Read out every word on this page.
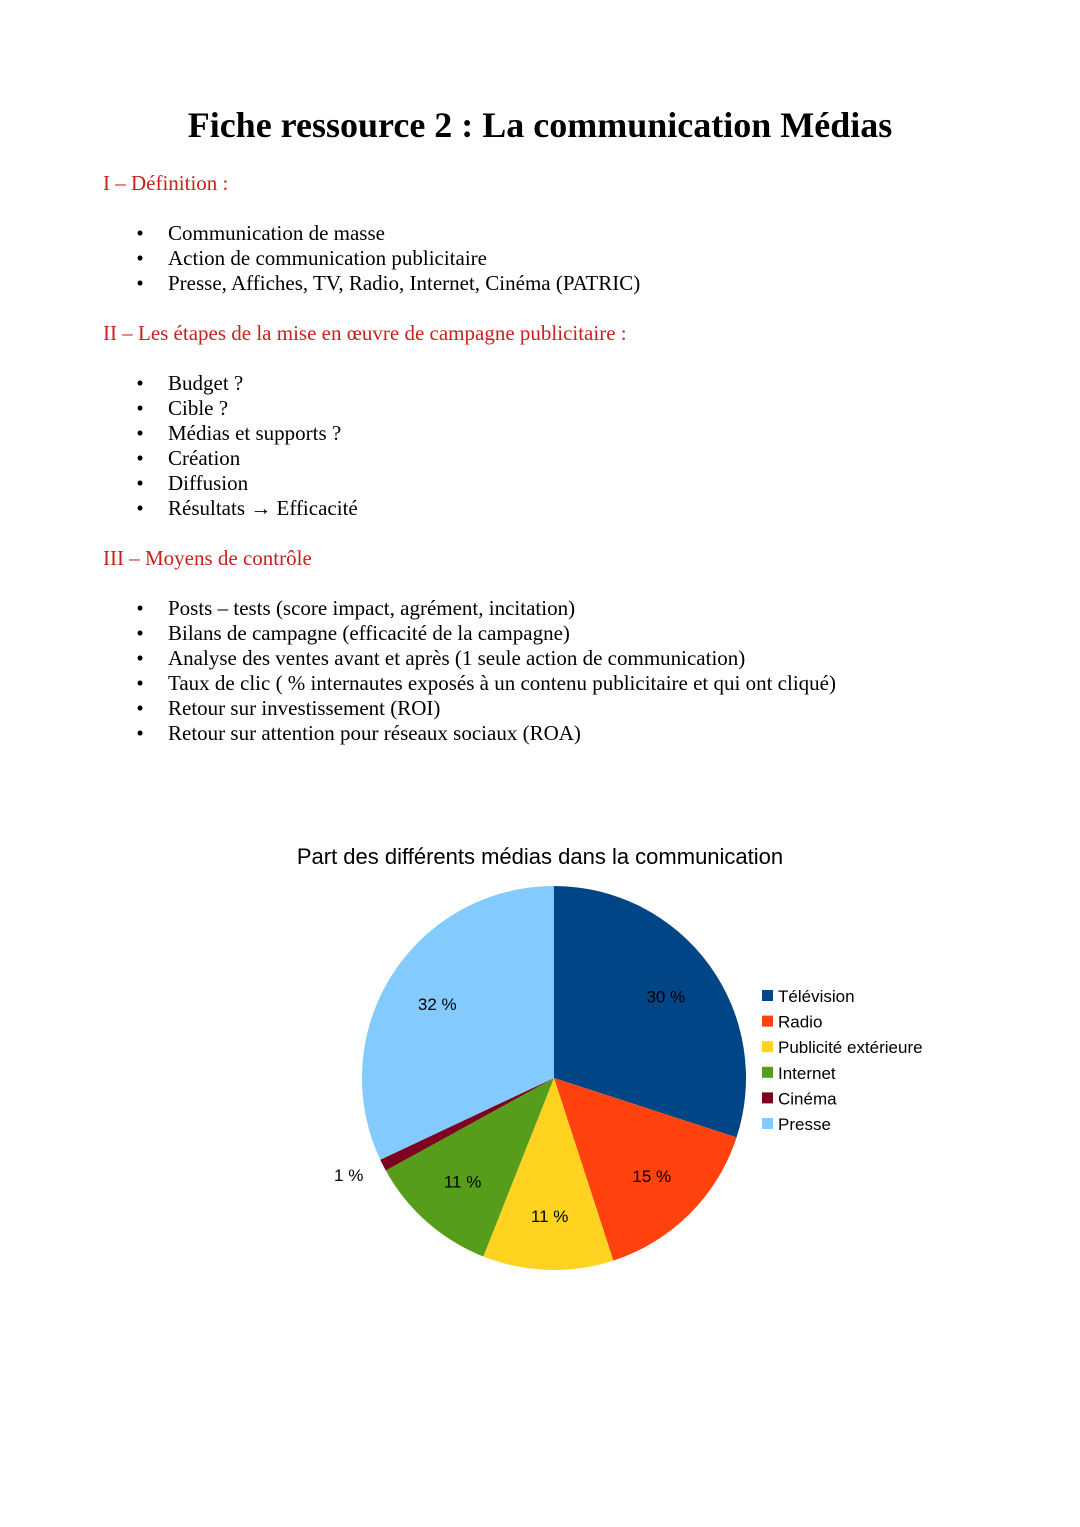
Fiche ressource 2 : La communication Médias
I – Définition :
• Communication de masse
• Action de communication publicitaire
• Presse, Affiches, TV, Radio, Internet, Cinéma (PATRIC)
II – Les étapes de la mise en œuvre de campagne publicitaire :
• Budget ?
• Cible ?
• Médias et supports ?
• Création
• Diffusion
• Résultats → Efficacité
III – Moyens de contrôle
• Posts – tests (score impact, agrément, incitation)
• Bilans de campagne (efficacité de la campagne)
• Analyse des ventes avant et après (1 seule action de communication)
• Taux de clic ( % internautes exposés à un contenu publicitaire et qui ont cliqué)
• Retour sur investissement (ROI)
• Retour sur attention pour réseaux sociaux (ROA)
Part des différents médias dans la communication
30 %
15 %
11 %
11 %
1 %
32 %	Télévision
Radio
Publicité extérieure
Internet
Cinéma
Presse
